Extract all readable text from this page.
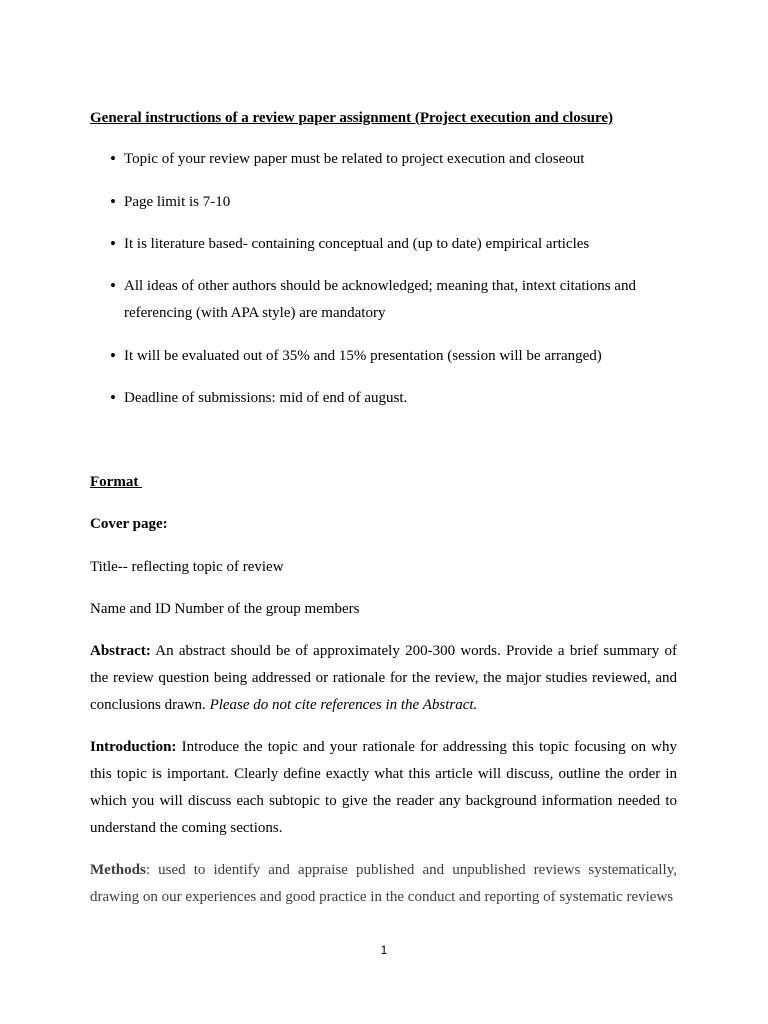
General instructions of a review paper assignment (Project execution and closure)
• Topic of your review paper must be related to project execution and closeout
• Page limit is 7-10
• It is literature based- containing conceptual and (up to date) empirical articles
• All ideas of other authors should be acknowledged; meaning that, intext citations and
referencing (with APA style) are mandatory
• It will be evaluated out of 35% and 15% presentation (session will be arranged)
• Deadline of submissions: mid of end of august.
Format
Cover page:
Title-- reflecting topic of review
Name and ID Number of the group members
Abstract: An abstract should be of approximately 200-300 words. Provide a brief summary of the review question being addressed or rationale for the review, the major studies reviewed, and conclusions drawn. Please do not cite references in the Abstract.
Introduction: Introduce the topic and your rationale for addressing this topic focusing on why this topic is important. Clearly define exactly what this article will discuss, outline the order in which you will discuss each subtopic to give the reader any background information needed to understand the coming sections.
Methods: used to identify and appraise published and unpublished reviews systematically, drawing on our experiences and good practice in the conduct and reporting of systematic reviews
1
